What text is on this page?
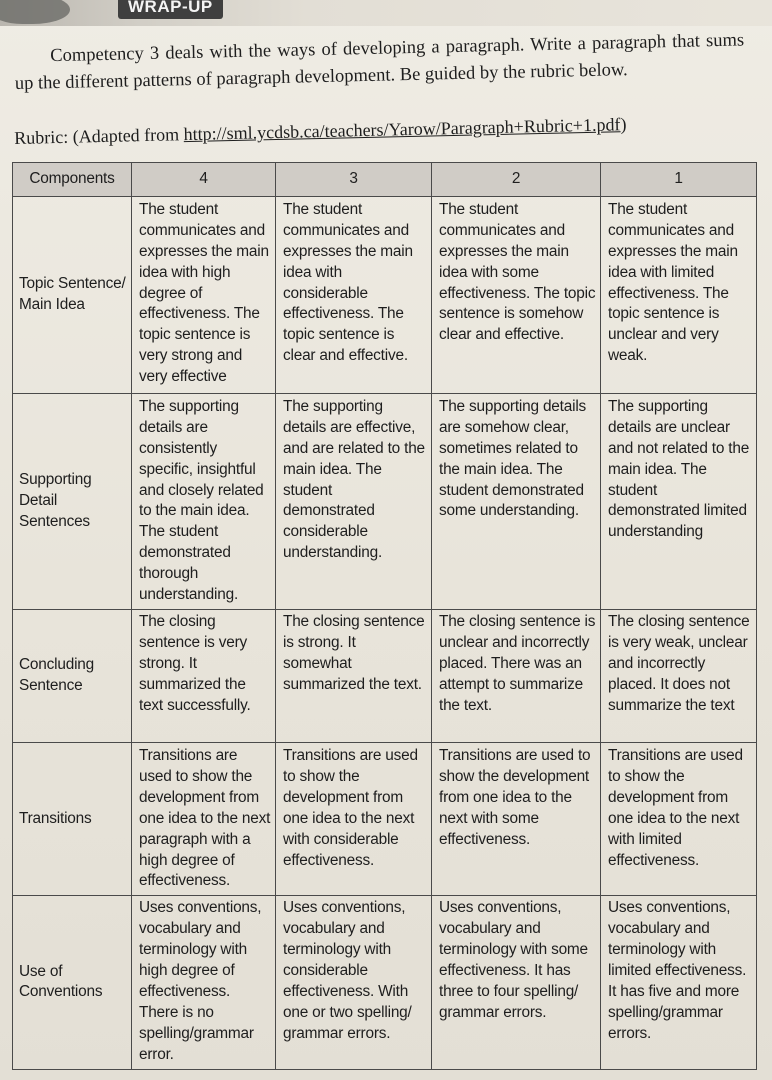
WRAP-UP

Competency 3 deals with the ways of developing a paragraph. Write a paragraph that sums up the different patterns of paragraph development. Be guided by the rubric below.

Rubric: (Adapted from http://sml.ycdsb.ca/teachers/Yarow/Paragraph+Rubric+1.pdf)
Components	4	3	2	1
Topic Sentence/ Main Idea	The student communicates and expresses the main idea with high degree of effectiveness. The topic sentence is very strong and very effective	The student communicates and expresses the main idea with considerable effectiveness. The topic sentence is clear and effective.	The student communicates and expresses the main idea with some effectiveness. The topic sentence is somehow clear and effective.	The student communicates and expresses the main idea with limited effectiveness. The topic sentence is unclear and very weak.
Supporting Detail Sentences	The supporting details are consistently specific, insightful and closely related to the main idea. The student demonstrated thorough understanding.	The supporting details are effective, and are related to the main idea. The student demonstrated considerable understanding.	The supporting details are somehow clear, sometimes related to the main idea. The student demonstrated some understanding.	The supporting details are unclear and not related to the main idea. The student demonstrated limited understanding
Concluding Sentence	The closing sentence is very strong. It summarized the text successfully.	The closing sentence is strong. It somewhat summarized the text.	The closing sentence is unclear and incorrectly placed. There was an attempt to summarize the text.	The closing sentence is very weak, unclear and incorrectly placed. It does not summarize the text
Transitions	Transitions are used to show the development from one idea to the next paragraph with a high degree of effectiveness.	Transitions are used to show the development from one idea to the next with considerable effectiveness.	Transitions are used to show the development from one idea to the next with some effectiveness.	Transitions are used to show the development from one idea to the next with limited effectiveness.
Use of Conventions	Uses conventions, vocabulary and terminology with high degree of effectiveness. There is no spelling/grammar error.	Uses conventions, vocabulary and terminology with considerable effectiveness. With one or two spelling/ grammar errors.	Uses conventions, vocabulary and terminology with some effectiveness. It has three to four spelling/ grammar errors.	Uses conventions, vocabulary and terminology with limited effectiveness. It has five and more spelling/grammar errors.
